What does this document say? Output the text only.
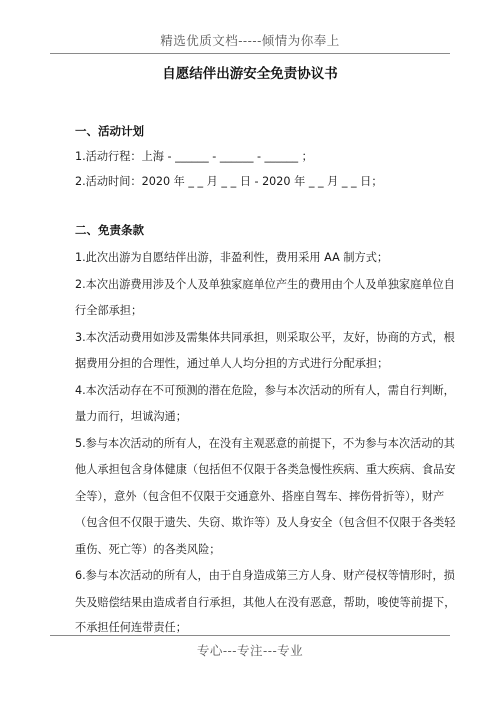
精选优质文档-----倾情为你奉上
自愿结伴出游安全免责协议书
一、活动计划
1.活动行程：上海 - ______ - ______ - ______ ；
2.活动时间：2020 年 _ _ 月 _ _ 日 - 2020 年 _ _ 月 _ _ 日；
二、免责条款
1.此次出游为自愿结伴出游，非盈利性，费用采用 AA 制方式；
2.本次出游费用涉及个人及单独家庭单位产生的费用由个人及单独家庭单位自
行全部承担；
3.本次活动费用如涉及需集体共同承担，则采取公平，友好，协商的方式，根
据费用分担的合理性，通过单人人均分担的方式进行分配承担；
4.本次活动存在不可预测的潜在危险，参与本次活动的所有人，需自行判断，
量力而行，坦诚沟通；
5.参与本次活动的所有人，在没有主观恶意的前提下，不为参与本次活动的其
他人承担包含身体健康（包括但不仅限于各类急慢性疾病、重大疾病、食品安
全等），意外（包含但不仅限于交通意外、搭座自驾车、摔伤骨折等），财产
（包含但不仅限于遗失、失窃、欺诈等）及人身安全（包含但不仅限于各类轻
重伤、死亡等）的各类风险；
6.参与本次活动的所有人，由于自身造成第三方人身、财产侵权等情形时，损
失及赔偿结果由造成者自行承担，其他人在没有恶意，帮助，唆使等前提下，
不承担任何连带责任；
专心---专注---专业
